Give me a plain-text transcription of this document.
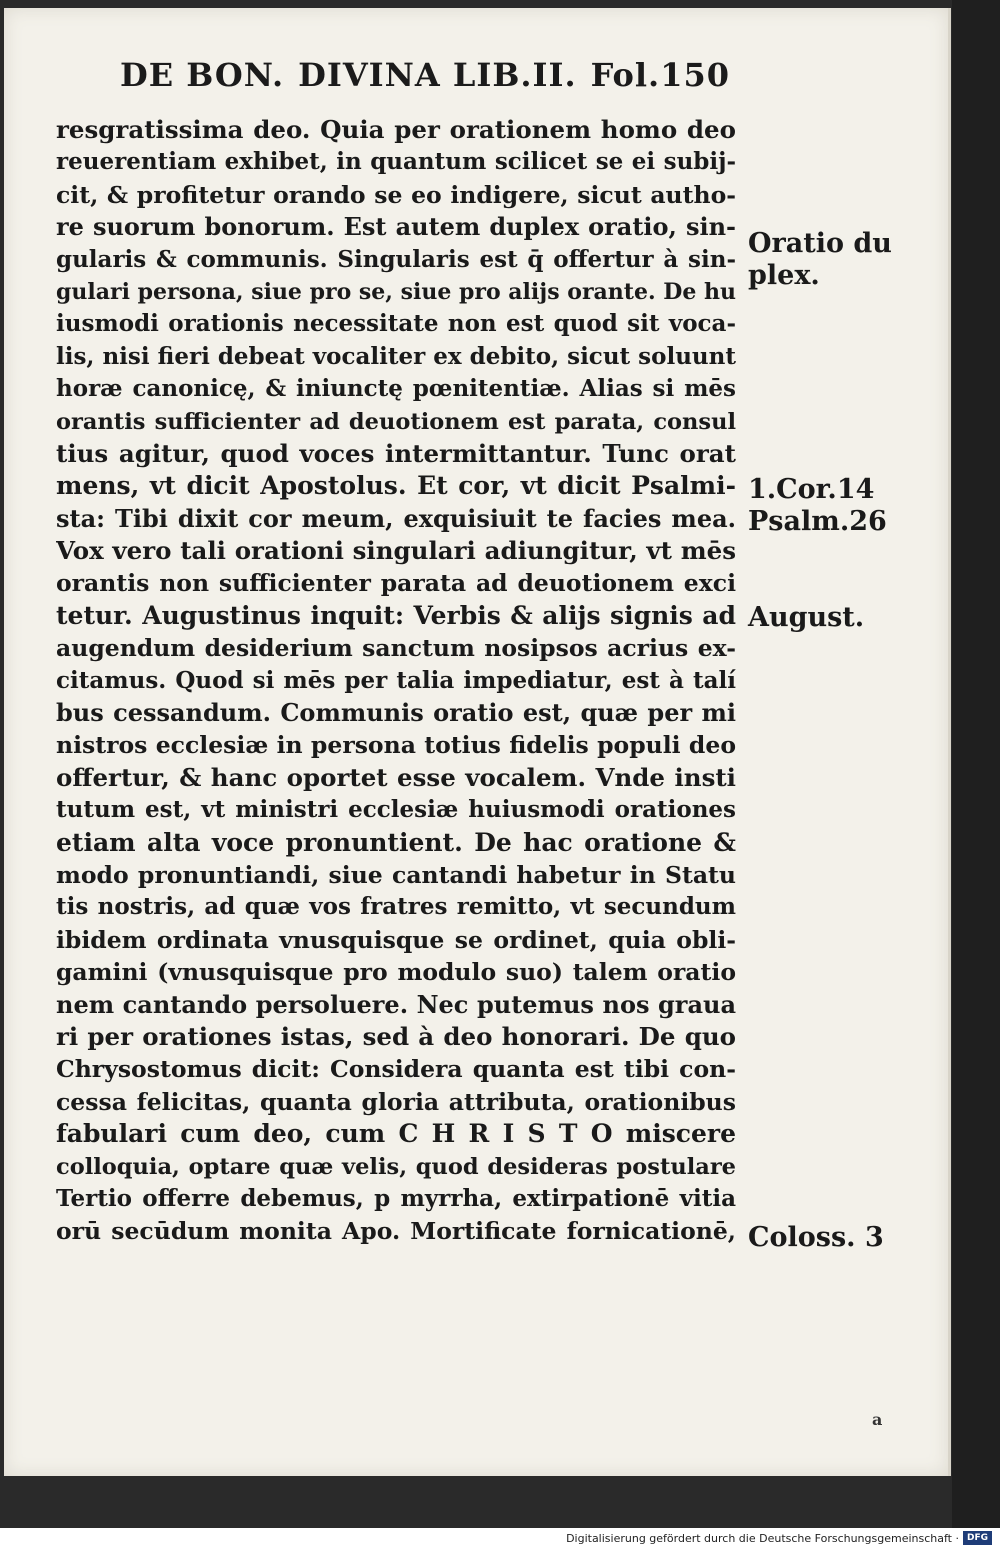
DE BON. DIVINA LIB.II. Fol.150
resgratissima deo. Quia per orationem homo deo
reuerentiam exhibet, in quantum scilicet se ei subij-
cit, & profitetur orando se eo indigere, sicut autho-
re suorum bonorum. Est autem duplex oratio, sin-
gularis & communis. Singularis est q̄ offertur à sin-
gulari persona, siue pro se, siue pro alijs orante. De hu
iusmodi orationis necessitate non est quod sit voca-
lis, nisi fieri debeat vocaliter ex debito, sicut soluunt
horæ canonicę, & iniunctę pœnitentiæ. Alias si mēs
orantis sufficienter ad deuotionem est parata, consul
tius agitur, quod voces intermittantur. Tunc orat
mens, vt dicit Apostolus. Et cor, vt dicit Psalmi-
sta: Tibi dixit cor meum, exquisiuit te facies mea.
Vox vero tali orationi singulari adiungitur, vt mēs
orantis non sufficienter parata ad deuotionem exci
tetur. Augustinus inquit: Verbis & alijs signis ad
augendum desiderium sanctum nosipsos acrius ex-
citamus. Quod si mēs per talia impediatur, est à talí
bus cessandum. Communis oratio est, quæ per mi
nistros ecclesiæ in persona totius fidelis populi deo
offertur, & hanc oportet esse vocalem. Vnde insti
tutum est, vt ministri ecclesiæ huiusmodi orationes
etiam alta voce pronuntient. De hac oratione &
modo pronuntiandi, siue cantandi habetur in Statu
tis nostris, ad quæ vos fratres remitto, vt secundum
ibidem ordinata vnusquisque se ordinet, quia obli-
gamini (vnusquisque pro modulo suo) talem oratio
nem cantando persoluere. Nec putemus nos graua
ri per orationes istas, sed à deo honorari. De quo
Chrysostomus dicit: Considera quanta est tibi con-
cessa felicitas, quanta gloria attributa, orationibus
fabulari cum deo, cum C H R I S T O miscere
colloquia, optare quæ velis, quod desideras postulare
Tertio offerre debemus, p myrrha, extirpationē vitia
orū secūdum monita Apo. Mortificate fornicationē,
Oratio du
plex.
1.Cor.14
Psalm.26
August.
Coloss. 3
a
Digitalisierung gefördert durch die Deutsche Forschungsgemeinschaft · DFG
